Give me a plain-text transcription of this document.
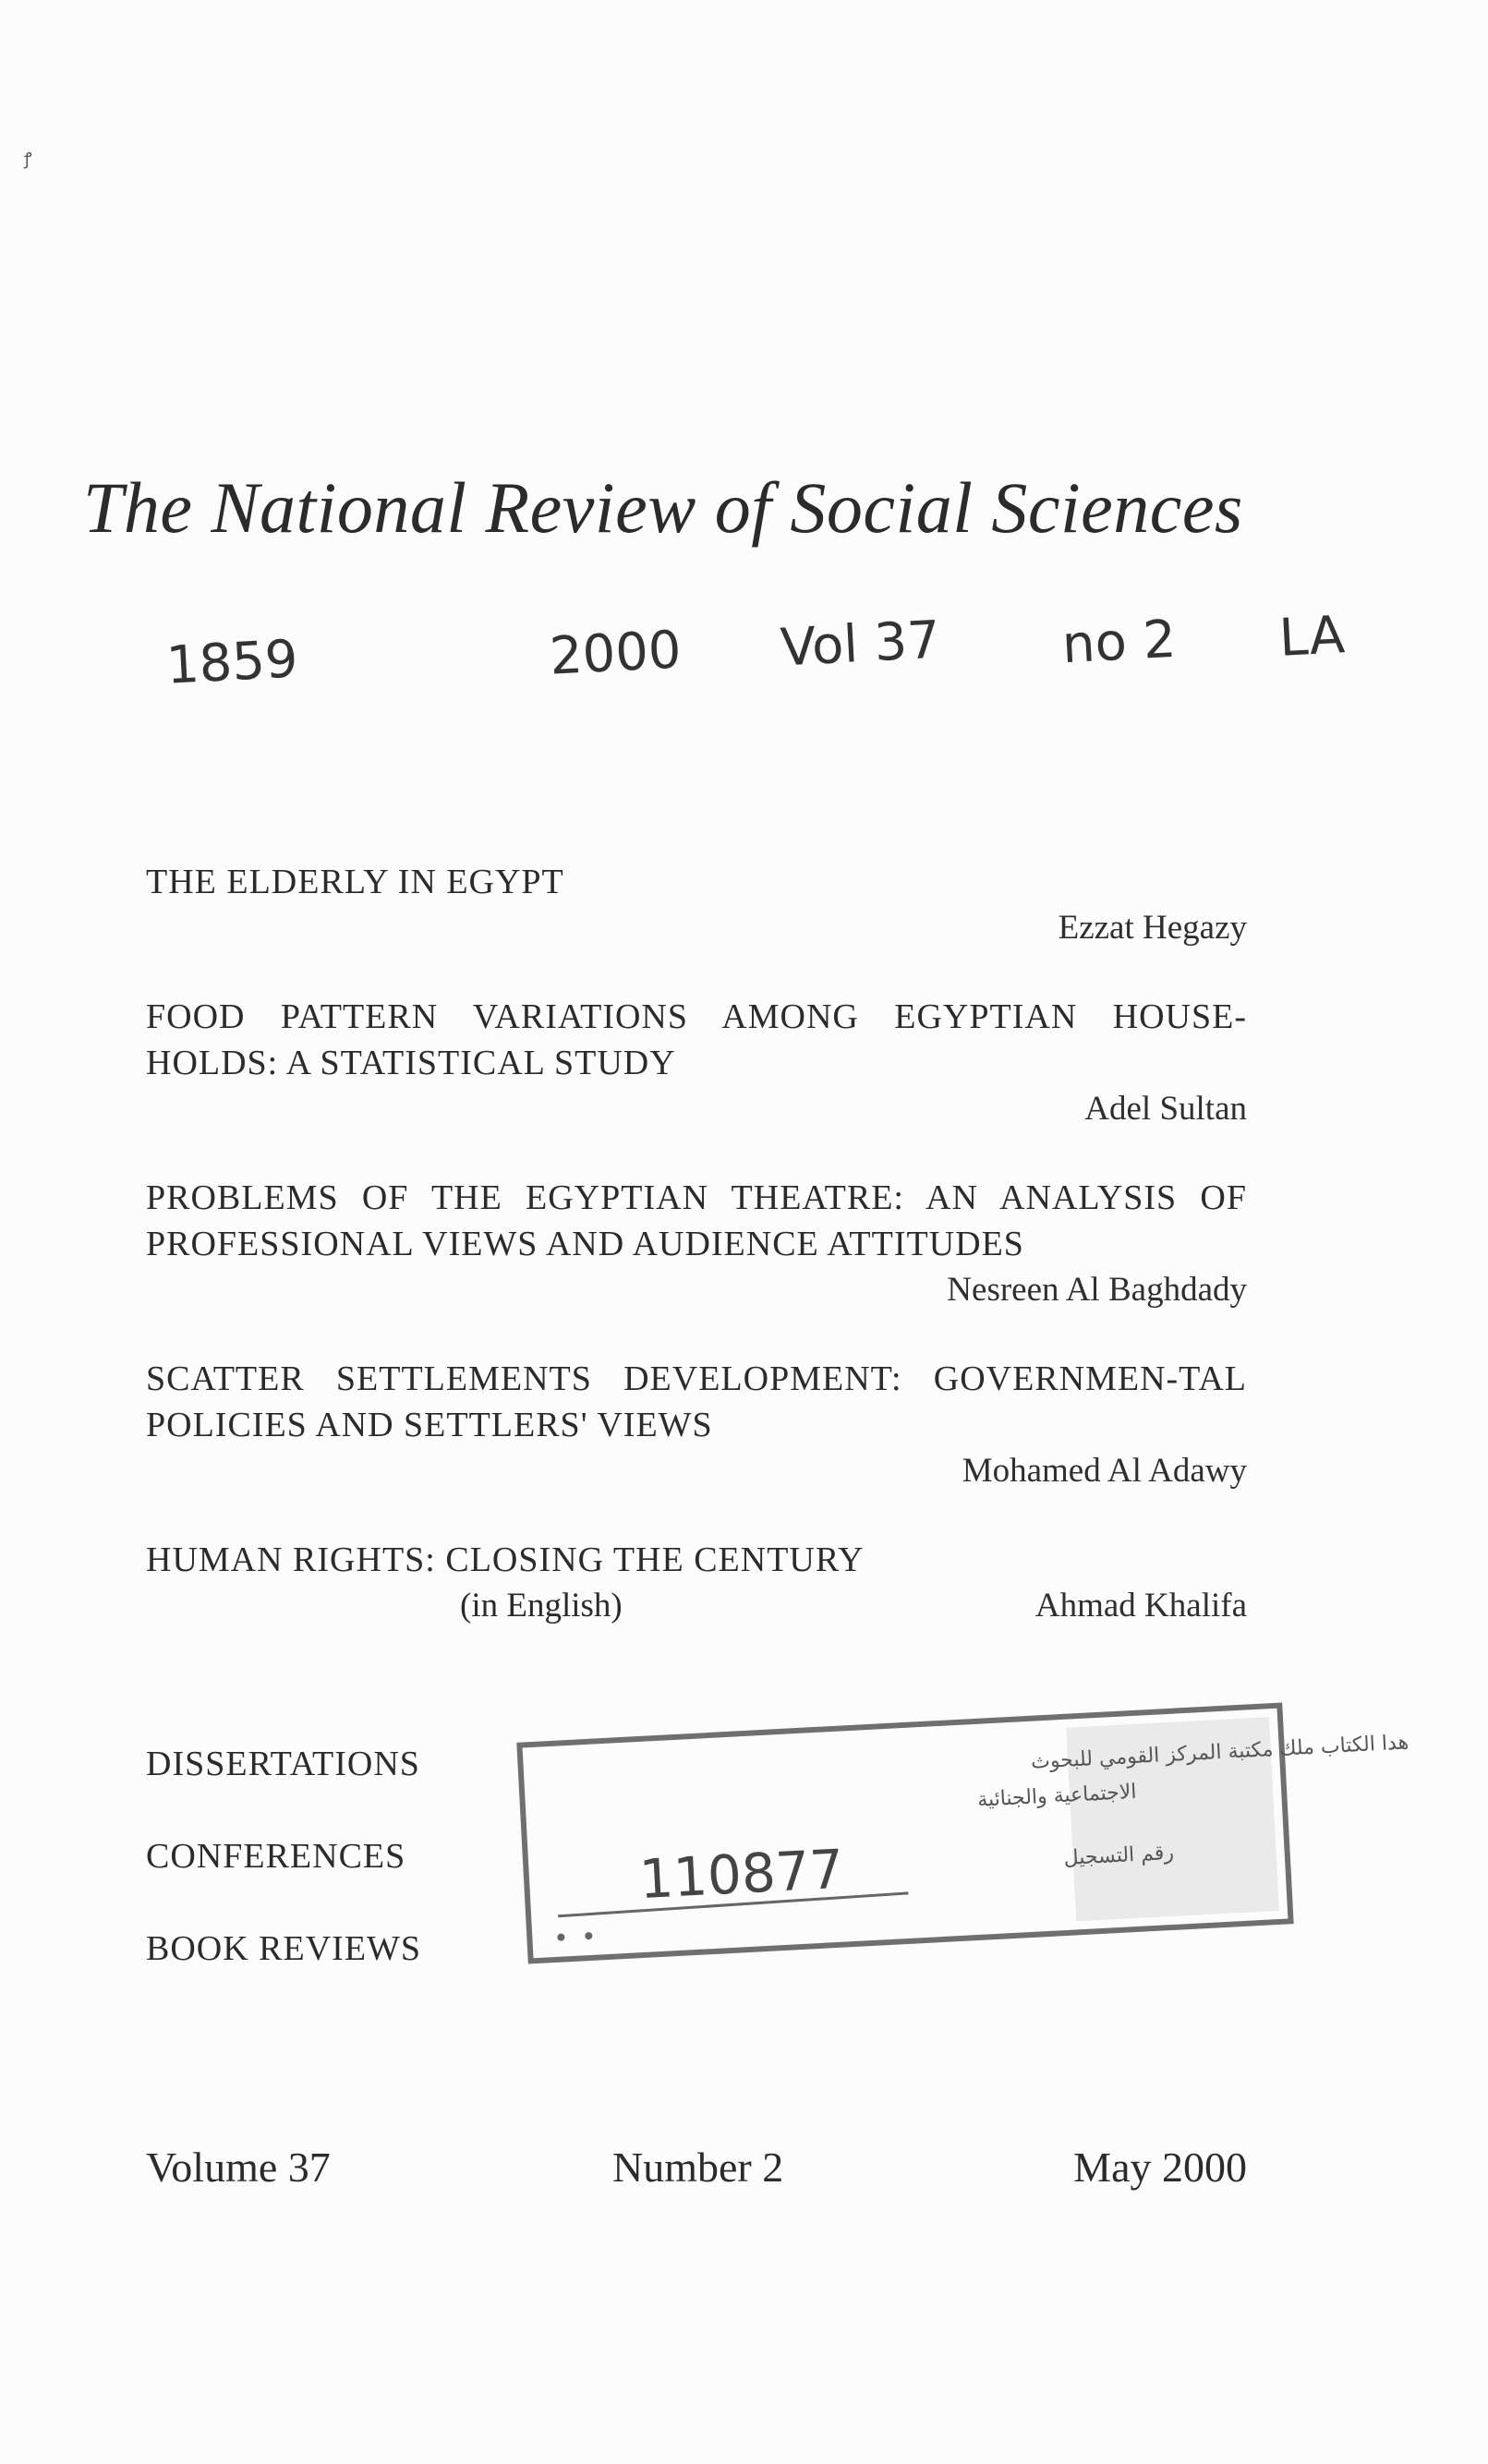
ꝭ
The National Review of Social Sciences
1859	2000 Vol 37 no 2 LA
THE ELDERLY IN EGYPT
Ezzat Hegazy
FOOD PATTERN VARIATIONS AMONG EGYPTIAN HOUSE-HOLDS: A STATISTICAL STUDY
Adel Sultan
PROBLEMS OF THE EGYPTIAN THEATRE: AN ANALYSIS OF PROFESSIONAL VIEWS AND AUDIENCE ATTITUDES
Nesreen Al Baghdady
SCATTER SETTLEMENTS DEVELOPMENT: GOVERNMEN-TAL POLICIES AND SETTLERS' VIEWS
Mohamed Al Adawy
HUMAN RIGHTS: CLOSING THE CENTURY
(in English)	Ahmad Khalifa
DISSERTATIONS
CONFERENCES
BOOK REVIEWS
هدا الكتاب ملك مكتبة المركز القومي للبحوث
الاجتماعية والجنائية
رقم التسجيل
110877
Volume 37	Number 2	May 2000
